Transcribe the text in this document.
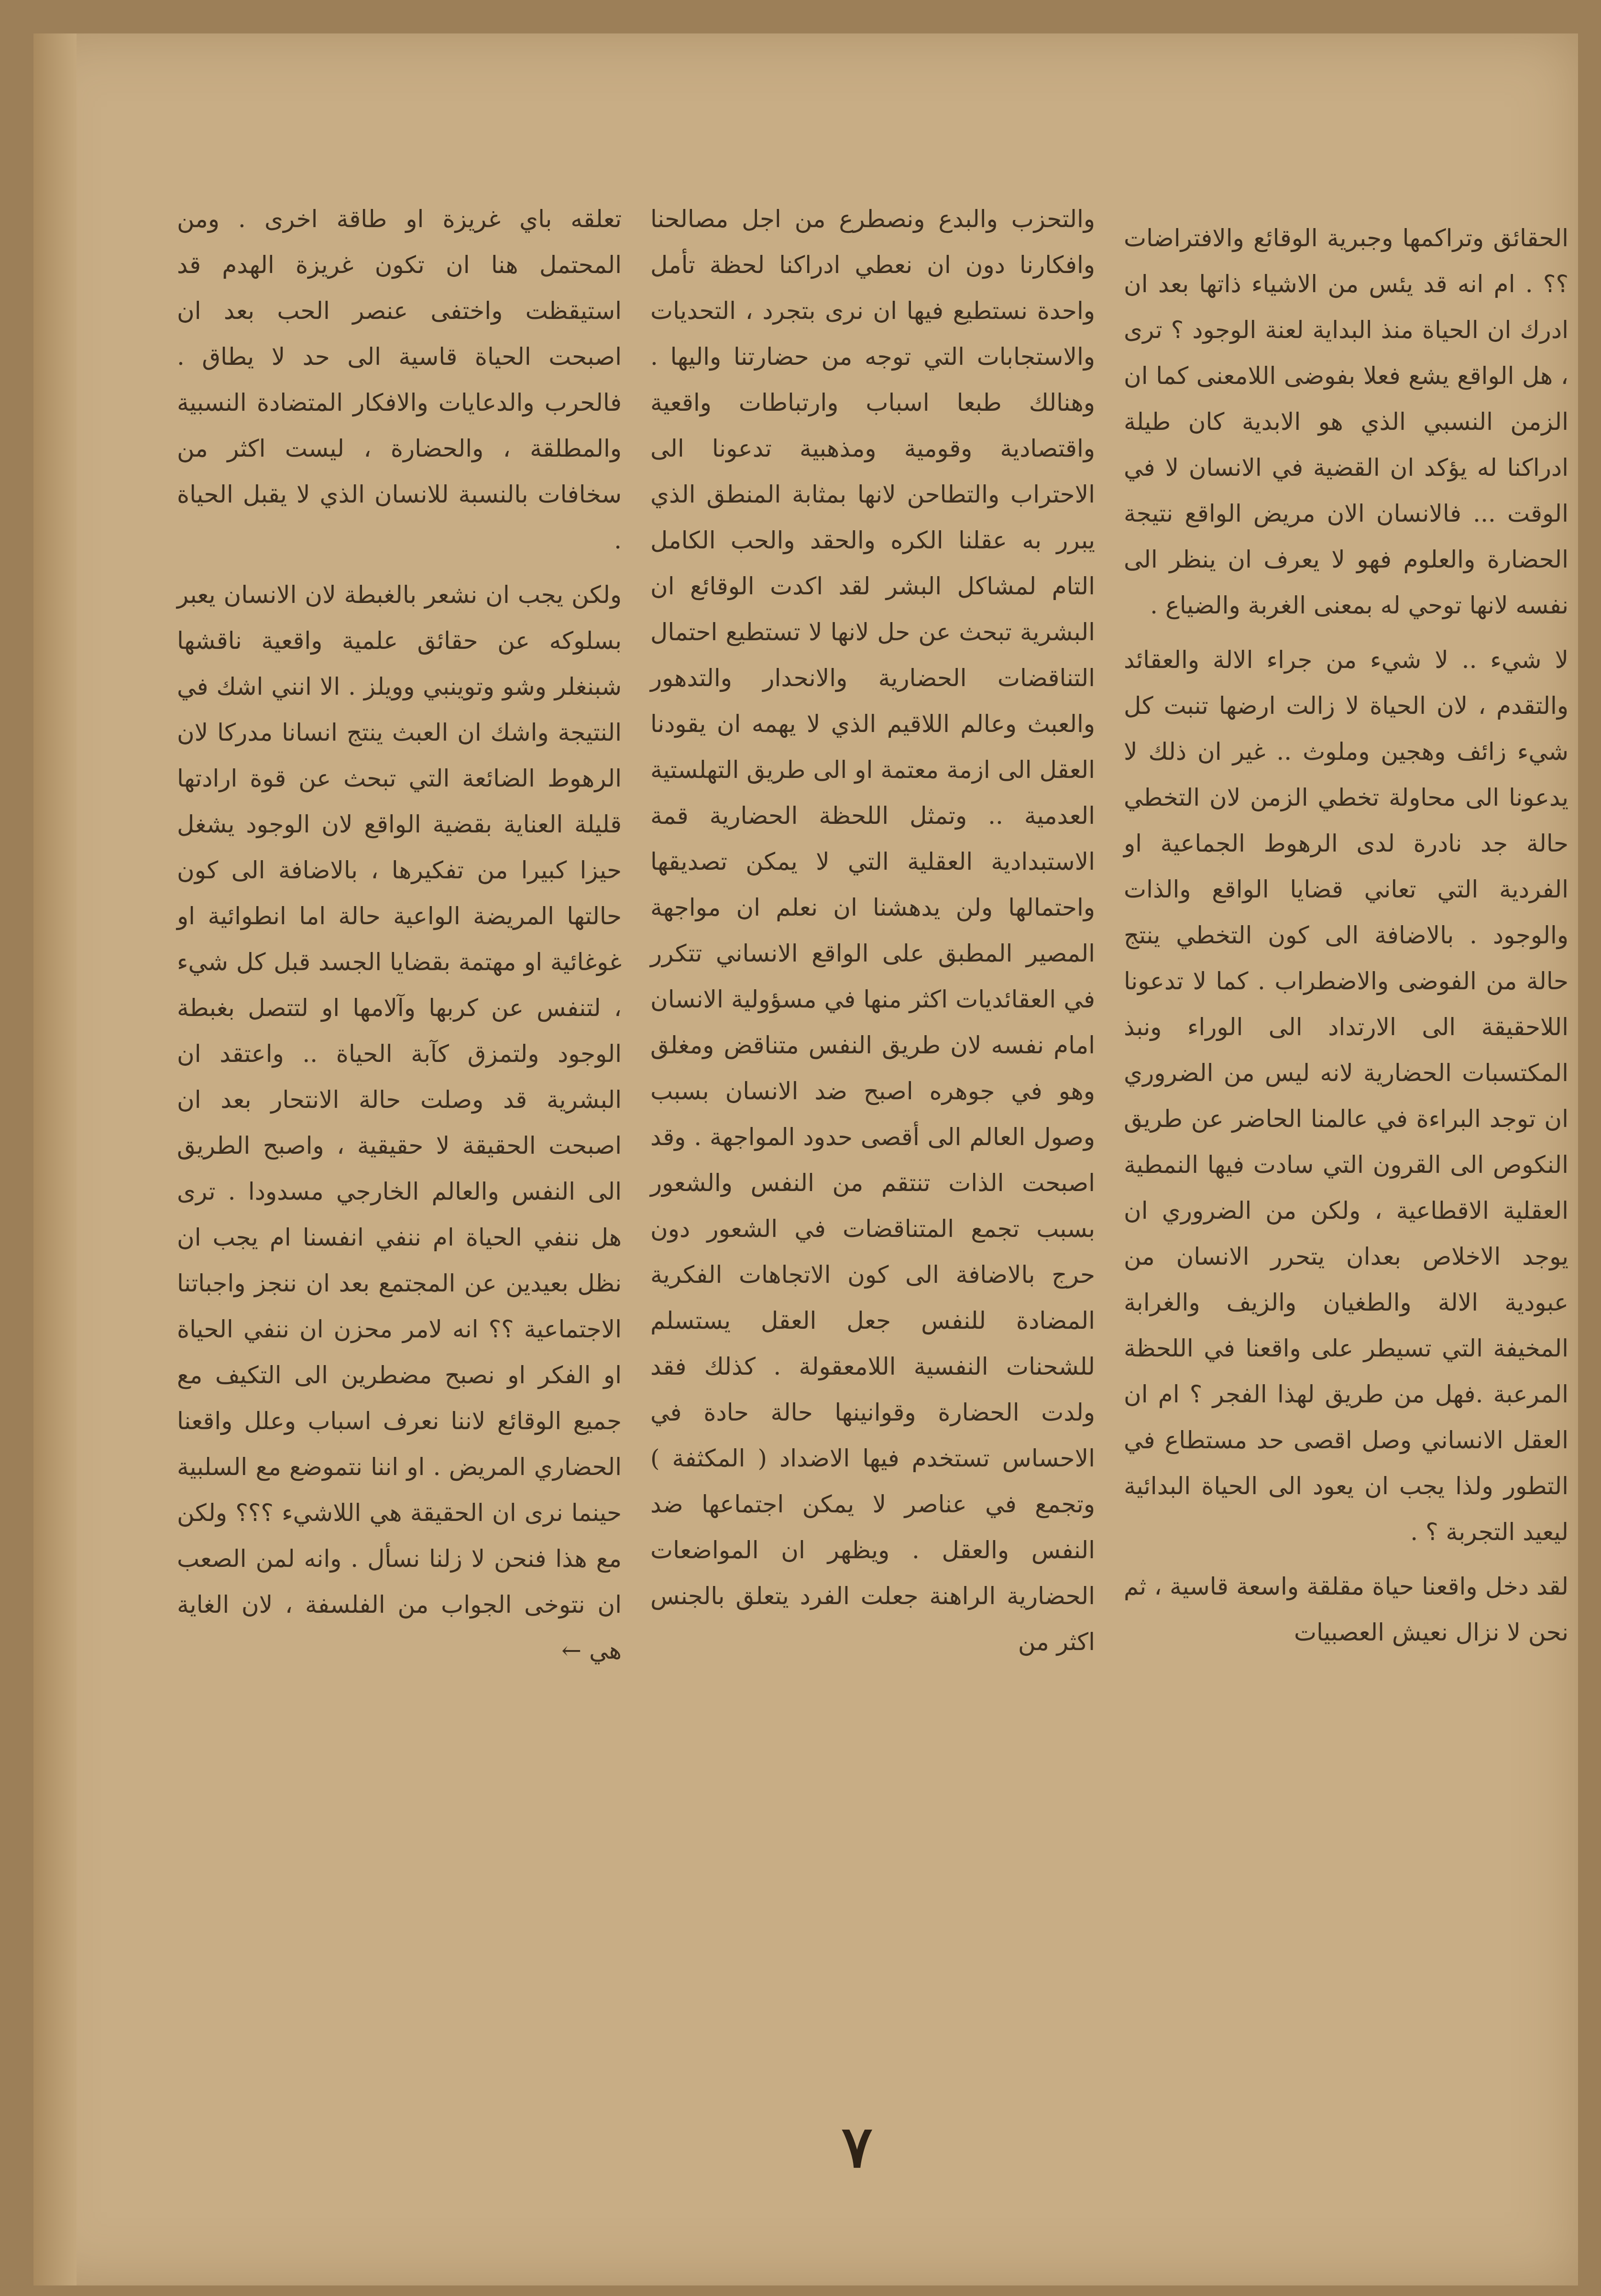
الحقائق وتراكمها وجبرية الوقائع والافتراضات ؟؟ . ام انه قد يئس من الاشياء ذاتها بعد ان ادرك ان الحياة منذ البداية لعنة الوجود ؟ ترى ، هل الواقع يشع فعلا بفوضى اللامعنى كما ان الزمن النسبي الذي هو الابدية كان طيلة ادراكنا له يؤكد ان القضية في الانسان لا في الوقت ... فالانسان الان مريض الواقع نتيجة الحضارة والعلوم فهو لا يعرف ان ينظر الى نفسه لانها توحي له بمعنى الغربة والضياع .

لا شيء .. لا شيء من جراء الالة والعقائد والتقدم ، لان الحياة لا زالت ارضها تنبت كل شيء زائف وهجين وملوث .. غير ان ذلك لا يدعونا الى محاولة تخطي الزمن لان التخطي حالة جد نادرة لدى الرهوط الجماعية او الفردية التي تعاني قضايا الواقع والذات والوجود . بالاضافة الى كون التخطي ينتج حالة من الفوضى والاضطراب . كما لا تدعونا اللاحقيقة الى الارتداد الى الوراء ونبذ المكتسبات الحضارية لانه ليس من الضروري ان توجد البراءة في عالمنا الحاضر عن طريق النكوص الى القرون التي سادت فيها النمطية العقلية الاقطاعية ، ولكن من الضروري ان يوجد الاخلاص بعدان يتحرر الانسان من عبودية الالة والطغيان والزيف والغرابة المخيفة التي تسيطر على واقعنا في اللحظة المرعبة .فهل من طريق لهذا الفجر ؟ ام ان العقل الانساني وصل اقصى حد مستطاع في التطور ولذا يجب ان يعود الى الحياة البدائية ليعيد التجربة ؟ .

لقد دخل واقعنا حياة مقلقة واسعة قاسية ، ثم نحن لا نزال نعيش العصبيات

والتحزب والبدع ونصطرع من اجل مصالحنا وافكارنا دون ان نعطي ادراكنا لحظة تأمل واحدة نستطيع فيها ان نرى بتجرد ، التحديات والاستجابات التي توجه من حضارتنا واليها . وهنالك طبعا اسباب وارتباطات واقعية واقتصادية وقومية ومذهبية تدعونا الى الاحتراب والتطاحن لانها بمثابة المنطق الذي يبرر به عقلنا الكره والحقد والحب الكامل التام لمشاكل البشر لقد اكدت الوقائع ان البشرية تبحث عن حل لانها لا تستطيع احتمال التناقضات الحضارية والانحدار والتدهور والعبث وعالم اللاقيم الذي لا يهمه ان يقودنا العقل الى ازمة معتمة او الى طريق التهلستية العدمية .. وتمثل اللحظة الحضارية قمة الاستبدادية العقلية التي لا يمكن تصديقها واحتمالها ولن يدهشنا ان نعلم ان مواجهة المصير المطبق على الواقع الانساني تتكرر في العقائديات اكثر منها في مسؤولية الانسان امام نفسه لان طريق النفس متناقض ومغلق وهو في جوهره اصبح ضد الانسان بسبب وصول العالم الى أقصى حدود المواجهة . وقد اصبحت الذات تنتقم من النفس والشعور بسبب تجمع المتناقضات في الشعور دون حرج بالاضافة الى كون الاتجاهات الفكرية المضادة للنفس جعل العقل يستسلم للشحنات النفسية اللامعقولة . كذلك فقد ولدت الحضارة وقوانينها حالة حادة في الاحساس تستخدم فيها الاضداد ( المكثفة ) وتجمع في عناصر لا يمكن اجتماعها ضد النفس والعقل . ويظهر ان المواضعات الحضارية الراهنة جعلت الفرد يتعلق بالجنس اكثر من

تعلقه باي غريزة او طاقة اخرى . ومن المحتمل هنا ان تكون غريزة الهدم قد استيقظت واختفى عنصر الحب بعد ان اصبحت الحياة قاسية الى حد لا يطاق . فالحرب والدعايات والافكار المتضادة النسبية والمطلقة ، والحضارة ، ليست اكثر من سخافات بالنسبة للانسان الذي لا يقبل الحياة .

ولكن يجب ان نشعر بالغبطة لان الانسان يعبر بسلوكه عن حقائق علمية واقعية ناقشها شبنغلر وشو وتوينبي وويلز . الا انني اشك في النتيجة واشك ان العبث ينتج انسانا مدركا لان الرهوط الضائعة التي تبحث عن قوة ارادتها قليلة العناية بقضية الواقع لان الوجود يشغل حيزا كبيرا من تفكيرها ، بالاضافة الى كون حالتها المريضة الواعية حالة اما انطوائية او غوغائية او مهتمة بقضايا الجسد قبل كل شيء ، لتنفس عن كربها وآلامها او لتتصل بغبطة الوجود ولتمزق كآبة الحياة .. واعتقد ان البشرية قد وصلت حالة الانتحار بعد ان اصبحت الحقيقة لا حقيقية ، واصبح الطريق الى النفس والعالم الخارجي مسدودا . ترى هل ننفي الحياة ام ننفي انفسنا ام يجب ان نظل بعيدين عن المجتمع بعد ان ننجز واجباتنا الاجتماعية ؟؟ انه لامر محزن ان ننفي الحياة او الفكر او نصبح مضطرين الى التكيف مع جميع الوقائع لاننا نعرف اسباب وعلل واقعنا الحضاري المريض . او اننا نتموضع مع السلبية حينما نرى ان الحقيقة هي اللاشيء ؟؟؟ ولكن مع هذا فنحن لا زلنا نسأل . وانه لمن الصعب ان نتوخى الجواب من الفلسفة ، لان الغاية هي ←

٧
